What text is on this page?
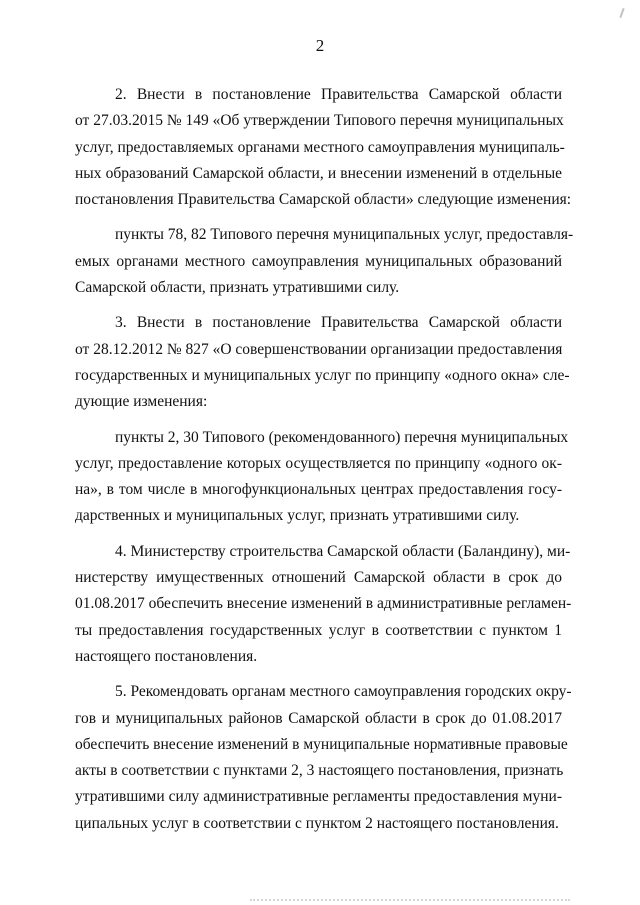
2
2. Внести в постановление Правительства Самарской области
от 27.03.2015 № 149 «Об утверждении Типового перечня муниципальных
услуг, предоставляемых органами местного самоуправления муниципаль-
ных образований Самарской области, и внесении изменений в отдельные
постановления Правительства Самарской области» следующие изменения:
пункты 78, 82 Типового перечня муниципальных услуг, предоставля-
емых органами местного самоуправления муниципальных образований
Самарской области, признать утратившими силу.
3. Внести в постановление Правительства Самарской области
от 28.12.2012 № 827 «О совершенствовании организации предоставления
государственных и муниципальных услуг по принципу «одного окна» сле-
дующие изменения:
пункты 2, 30 Типового (рекомендованного) перечня муниципальных
услуг, предоставление которых осуществляется по принципу «одного ок-
на», в том числе в многофункциональных центрах предоставления госу-
дарственных и муниципальных услуг, признать утратившими силу.
4. Министерству строительства Самарской области (Баландину), ми-
нистерству имущественных отношений Самарской области в срок до
01.08.2017 обеспечить внесение изменений в административные регламен-
ты предоставления государственных услуг в соответствии с пунктом 1
настоящего постановления.
5. Рекомендовать органам местного самоуправления городских окру-
гов и муниципальных районов Самарской области в срок до 01.08.2017
обеспечить внесение изменений в муниципальные нормативные правовые
акты в соответствии с пунктами 2, 3 настоящего постановления, признать
утратившими силу административные регламенты предоставления муни-
ципальных услуг в соответствии с пунктом 2 настоящего постановления.
